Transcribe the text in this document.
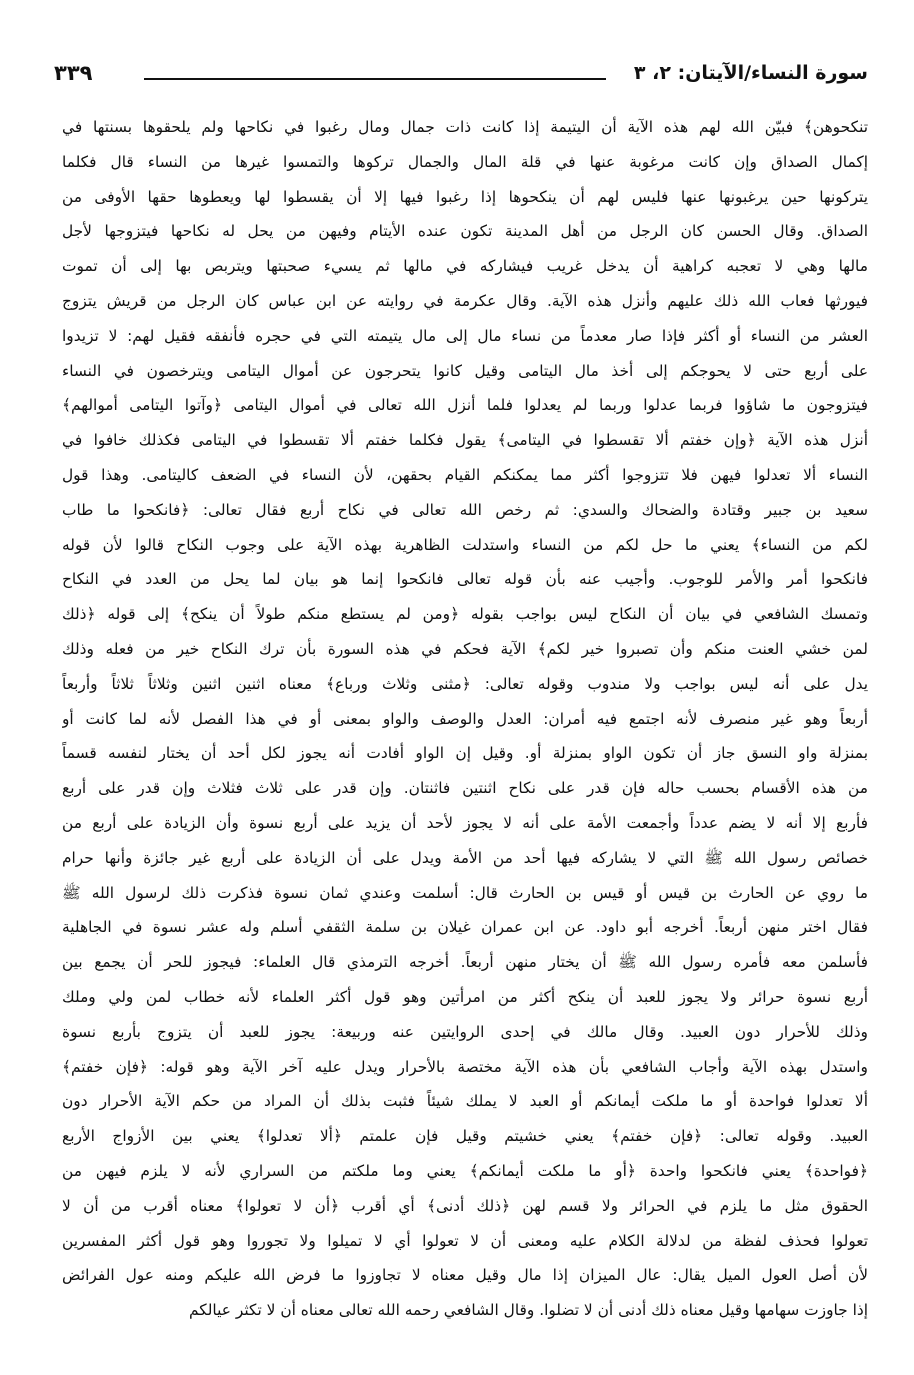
سورة النساء/الآيتان: ٢، ٣
٣٣٩
تنكحوهن﴾ فبيّن الله لهم هذه الآية أن اليتيمة إذا كانت ذات جمال ومال رغبوا في نكاحها ولم يلحقوها بسنتها في
إكمال الصداق وإن كانت مرغوبة عنها في قلة المال والجمال تركوها والتمسوا غيرها من النساء قال فكلما
يتركونها حين يرغبونها عنها فليس لهم أن ينكحوها إذا رغبوا فيها إلا أن يقسطوا لها ويعطوها حقها الأوفى من
الصداق. وقال الحسن كان الرجل من أهل المدينة تكون عنده الأيتام وفيهن من يحل له نكاحها فيتزوجها لأجل
مالها وهي لا تعجبه كراهية أن يدخل غريب فيشاركه في مالها ثم يسيء صحبتها ويتربص بها إلى أن تموت
فيورثها فعاب الله ذلك عليهم وأنزل هذه الآية. وقال عكرمة في روايته عن ابن عباس كان الرجل من قريش يتزوج
العشر من النساء أو أكثر فإذا صار معدماً من نساء مال إلى مال يتيمته التي في حجره فأنفقه فقيل لهم: لا تزيدوا
على أربع حتى لا يحوجكم إلى أخذ مال اليتامى وقيل كانوا يتحرجون عن أموال اليتامى ويترخصون في النساء
فيتزوجون ما شاؤوا فربما عدلوا وربما لم يعدلوا فلما أنزل الله تعالى في أموال اليتامى ﴿وآتوا اليتامى أموالهم﴾
أنزل هذه الآية ﴿وإن خفتم ألا تقسطوا في اليتامى﴾ يقول فكلما خفتم ألا تقسطوا في اليتامى فكذلك خافوا في
النساء ألا تعدلوا فيهن فلا تتزوجوا أكثر مما يمكنكم القيام بحقهن، لأن النساء في الضعف كاليتامى. وهذا قول
سعيد بن جبير وقتادة والضحاك والسدي: ثم رخص الله تعالى في نكاح أربع فقال تعالى: ﴿فانكحوا ما طاب
لكم من النساء﴾ يعني ما حل لكم من النساء واستدلت الظاهرية بهذه الآية على وجوب النكاح قالوا لأن قوله
فانكحوا أمر والأمر للوجوب. وأجيب عنه بأن قوله تعالى فانكحوا إنما هو بيان لما يحل من العدد في النكاح
وتمسك الشافعي في بيان أن النكاح ليس بواجب بقوله ﴿ومن لم يستطع منكم طولاً أن ينكح﴾ إلى قوله ﴿ذلك
لمن خشي العنت منكم وأن تصبروا خير لكم﴾ الآية فحكم في هذه السورة بأن ترك النكاح خير من فعله وذلك
يدل على أنه ليس بواجب ولا مندوب وقوله تعالى: ﴿مثنى وثلاث ورباع﴾ معناه اثنين اثنين وثلاثاً ثلاثاً وأربعاً
أربعاً وهو غير منصرف لأنه اجتمع فيه أمران: العدل والوصف والواو بمعنى أو في هذا الفصل لأنه لما كانت أو
بمنزلة واو النسق جاز أن تكون الواو بمنزلة أو. وقيل إن الواو أفادت أنه يجوز لكل أحد أن يختار لنفسه قسماً
من هذه الأقسام بحسب حاله فإن قدر على نكاح اثنتين فاثنتان. وإن قدر على ثلاث فثلاث وإن قدر على أربع
فأربع إلا أنه لا يضم عدداً وأجمعت الأمة على أنه لا يجوز لأحد أن يزيد على أربع نسوة وأن الزيادة على أربع من
خصائص رسول الله ﷺ التي لا يشاركه فيها أحد من الأمة ويدل على أن الزيادة على أربع غير جائزة وأنها حرام
ما روي عن الحارث بن قيس أو قيس بن الحارث قال: أسلمت وعندي ثمان نسوة فذكرت ذلك لرسول الله ﷺ
فقال اختر منهن أربعاً. أخرجه أبو داود. عن ابن عمران غيلان بن سلمة الثقفي أسلم وله عشر نسوة في الجاهلية
فأسلمن معه فأمره رسول الله ﷺ أن يختار منهن أربعاً. أخرجه الترمذي قال العلماء: فيجوز للحر أن يجمع بين
أربع نسوة حرائر ولا يجوز للعبد أن ينكح أكثر من امرأتين وهو قول أكثر العلماء لأنه خطاب لمن ولي وملك
وذلك للأحرار دون العبيد. وقال مالك في إحدى الروايتين عنه وربيعة: يجوز للعبد أن يتزوج بأربع نسوة
واستدل بهذه الآية وأجاب الشافعي بأن هذه الآية مختصة بالأحرار ويدل عليه آخر الآية وهو قوله: ﴿فإن خفتم﴾
ألا تعدلوا فواحدة أو ما ملكت أيمانكم أو العبد لا يملك شيئاً فثبت بذلك أن المراد من حكم الآية الأحرار دون
العبيد. وقوله تعالى: ﴿فإن خفتم﴾ يعني خشيتم وقيل فإن علمتم ﴿ألا تعدلوا﴾ يعني بين الأزواج الأربع
﴿فواحدة﴾ يعني فانكحوا واحدة ﴿أو ما ملكت أيمانكم﴾ يعني وما ملكتم من السراري لأنه لا يلزم فيهن من
الحقوق مثل ما يلزم في الحرائر ولا قسم لهن ﴿ذلك أدنى﴾ أي أقرب ﴿أن لا تعولوا﴾ معناه أقرب من أن لا
تعولوا فحذف لفظة من لدلالة الكلام عليه ومعنى أن لا تعولوا أي لا تميلوا ولا تجوروا وهو قول أكثر المفسرين
لأن أصل العول الميل يقال: عال الميزان إذا مال وقيل معناه لا تجاوزوا ما فرض الله عليكم ومنه عول الفرائض
إذا جاوزت سهامها وقيل معناه ذلك أدنى أن لا تضلوا. وقال الشافعي رحمه الله تعالى معناه أن لا تكثر عيالكم
